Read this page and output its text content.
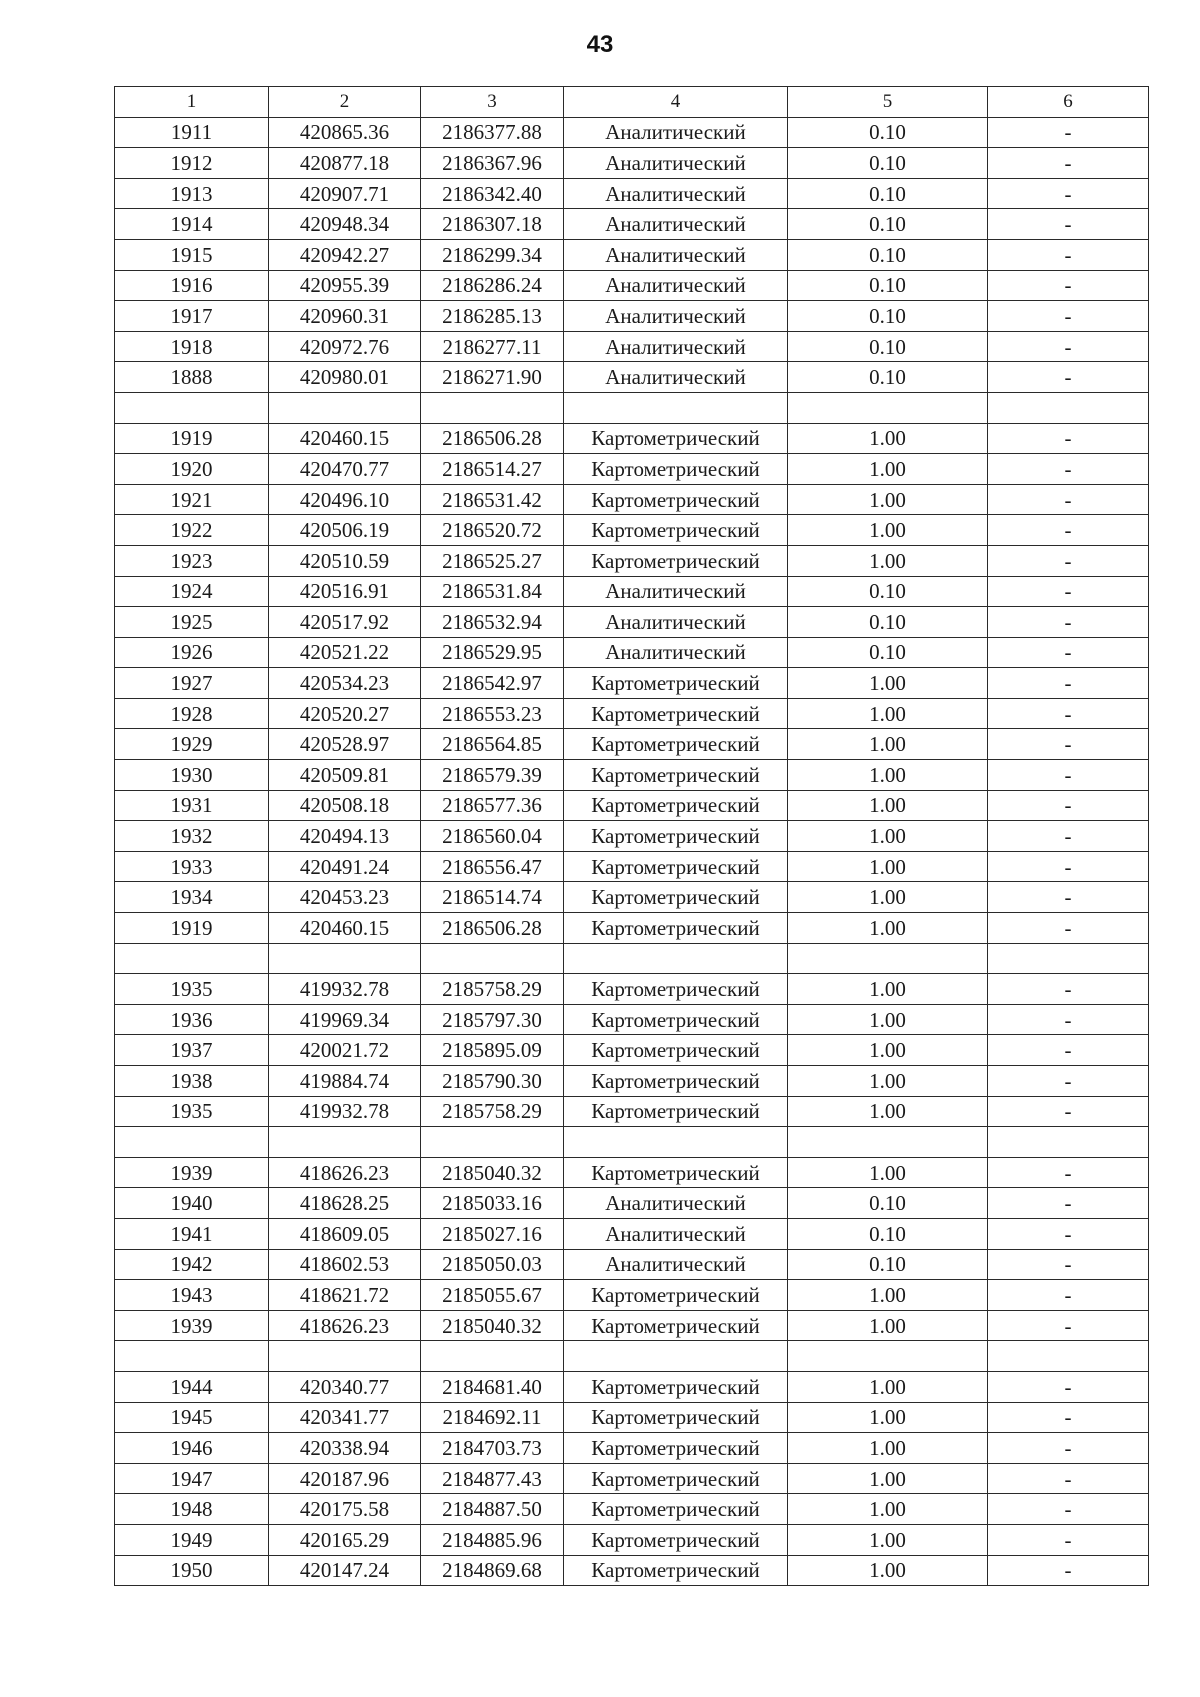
43
1	2	3	4	5	6
1911	420865.36	2186377.88	Аналитический	0.10	-
1912	420877.18	2186367.96	Аналитический	0.10	-
1913	420907.71	2186342.40	Аналитический	0.10	-
1914	420948.34	2186307.18	Аналитический	0.10	-
1915	420942.27	2186299.34	Аналитический	0.10	-
1916	420955.39	2186286.24	Аналитический	0.10	-
1917	420960.31	2186285.13	Аналитический	0.10	-
1918	420972.76	2186277.11	Аналитический	0.10	-
1888	420980.01	2186271.90	Аналитический	0.10	-

1919	420460.15	2186506.28	Картометрический	1.00	-
1920	420470.77	2186514.27	Картометрический	1.00	-
1921	420496.10	2186531.42	Картометрический	1.00	-
1922	420506.19	2186520.72	Картометрический	1.00	-
1923	420510.59	2186525.27	Картометрический	1.00	-
1924	420516.91	2186531.84	Аналитический	0.10	-
1925	420517.92	2186532.94	Аналитический	0.10	-
1926	420521.22	2186529.95	Аналитический	0.10	-
1927	420534.23	2186542.97	Картометрический	1.00	-
1928	420520.27	2186553.23	Картометрический	1.00	-
1929	420528.97	2186564.85	Картометрический	1.00	-
1930	420509.81	2186579.39	Картометрический	1.00	-
1931	420508.18	2186577.36	Картометрический	1.00	-
1932	420494.13	2186560.04	Картометрический	1.00	-
1933	420491.24	2186556.47	Картометрический	1.00	-
1934	420453.23	2186514.74	Картометрический	1.00	-
1919	420460.15	2186506.28	Картометрический	1.00	-

1935	419932.78	2185758.29	Картометрический	1.00	-
1936	419969.34	2185797.30	Картометрический	1.00	-
1937	420021.72	2185895.09	Картометрический	1.00	-
1938	419884.74	2185790.30	Картометрический	1.00	-
1935	419932.78	2185758.29	Картометрический	1.00	-

1939	418626.23	2185040.32	Картометрический	1.00	-
1940	418628.25	2185033.16	Аналитический	0.10	-
1941	418609.05	2185027.16	Аналитический	0.10	-
1942	418602.53	2185050.03	Аналитический	0.10	-
1943	418621.72	2185055.67	Картометрический	1.00	-
1939	418626.23	2185040.32	Картометрический	1.00	-

1944	420340.77	2184681.40	Картометрический	1.00	-
1945	420341.77	2184692.11	Картометрический	1.00	-
1946	420338.94	2184703.73	Картометрический	1.00	-
1947	420187.96	2184877.43	Картометрический	1.00	-
1948	420175.58	2184887.50	Картометрический	1.00	-
1949	420165.29	2184885.96	Картометрический	1.00	-
1950	420147.24	2184869.68	Картометрический	1.00	-
